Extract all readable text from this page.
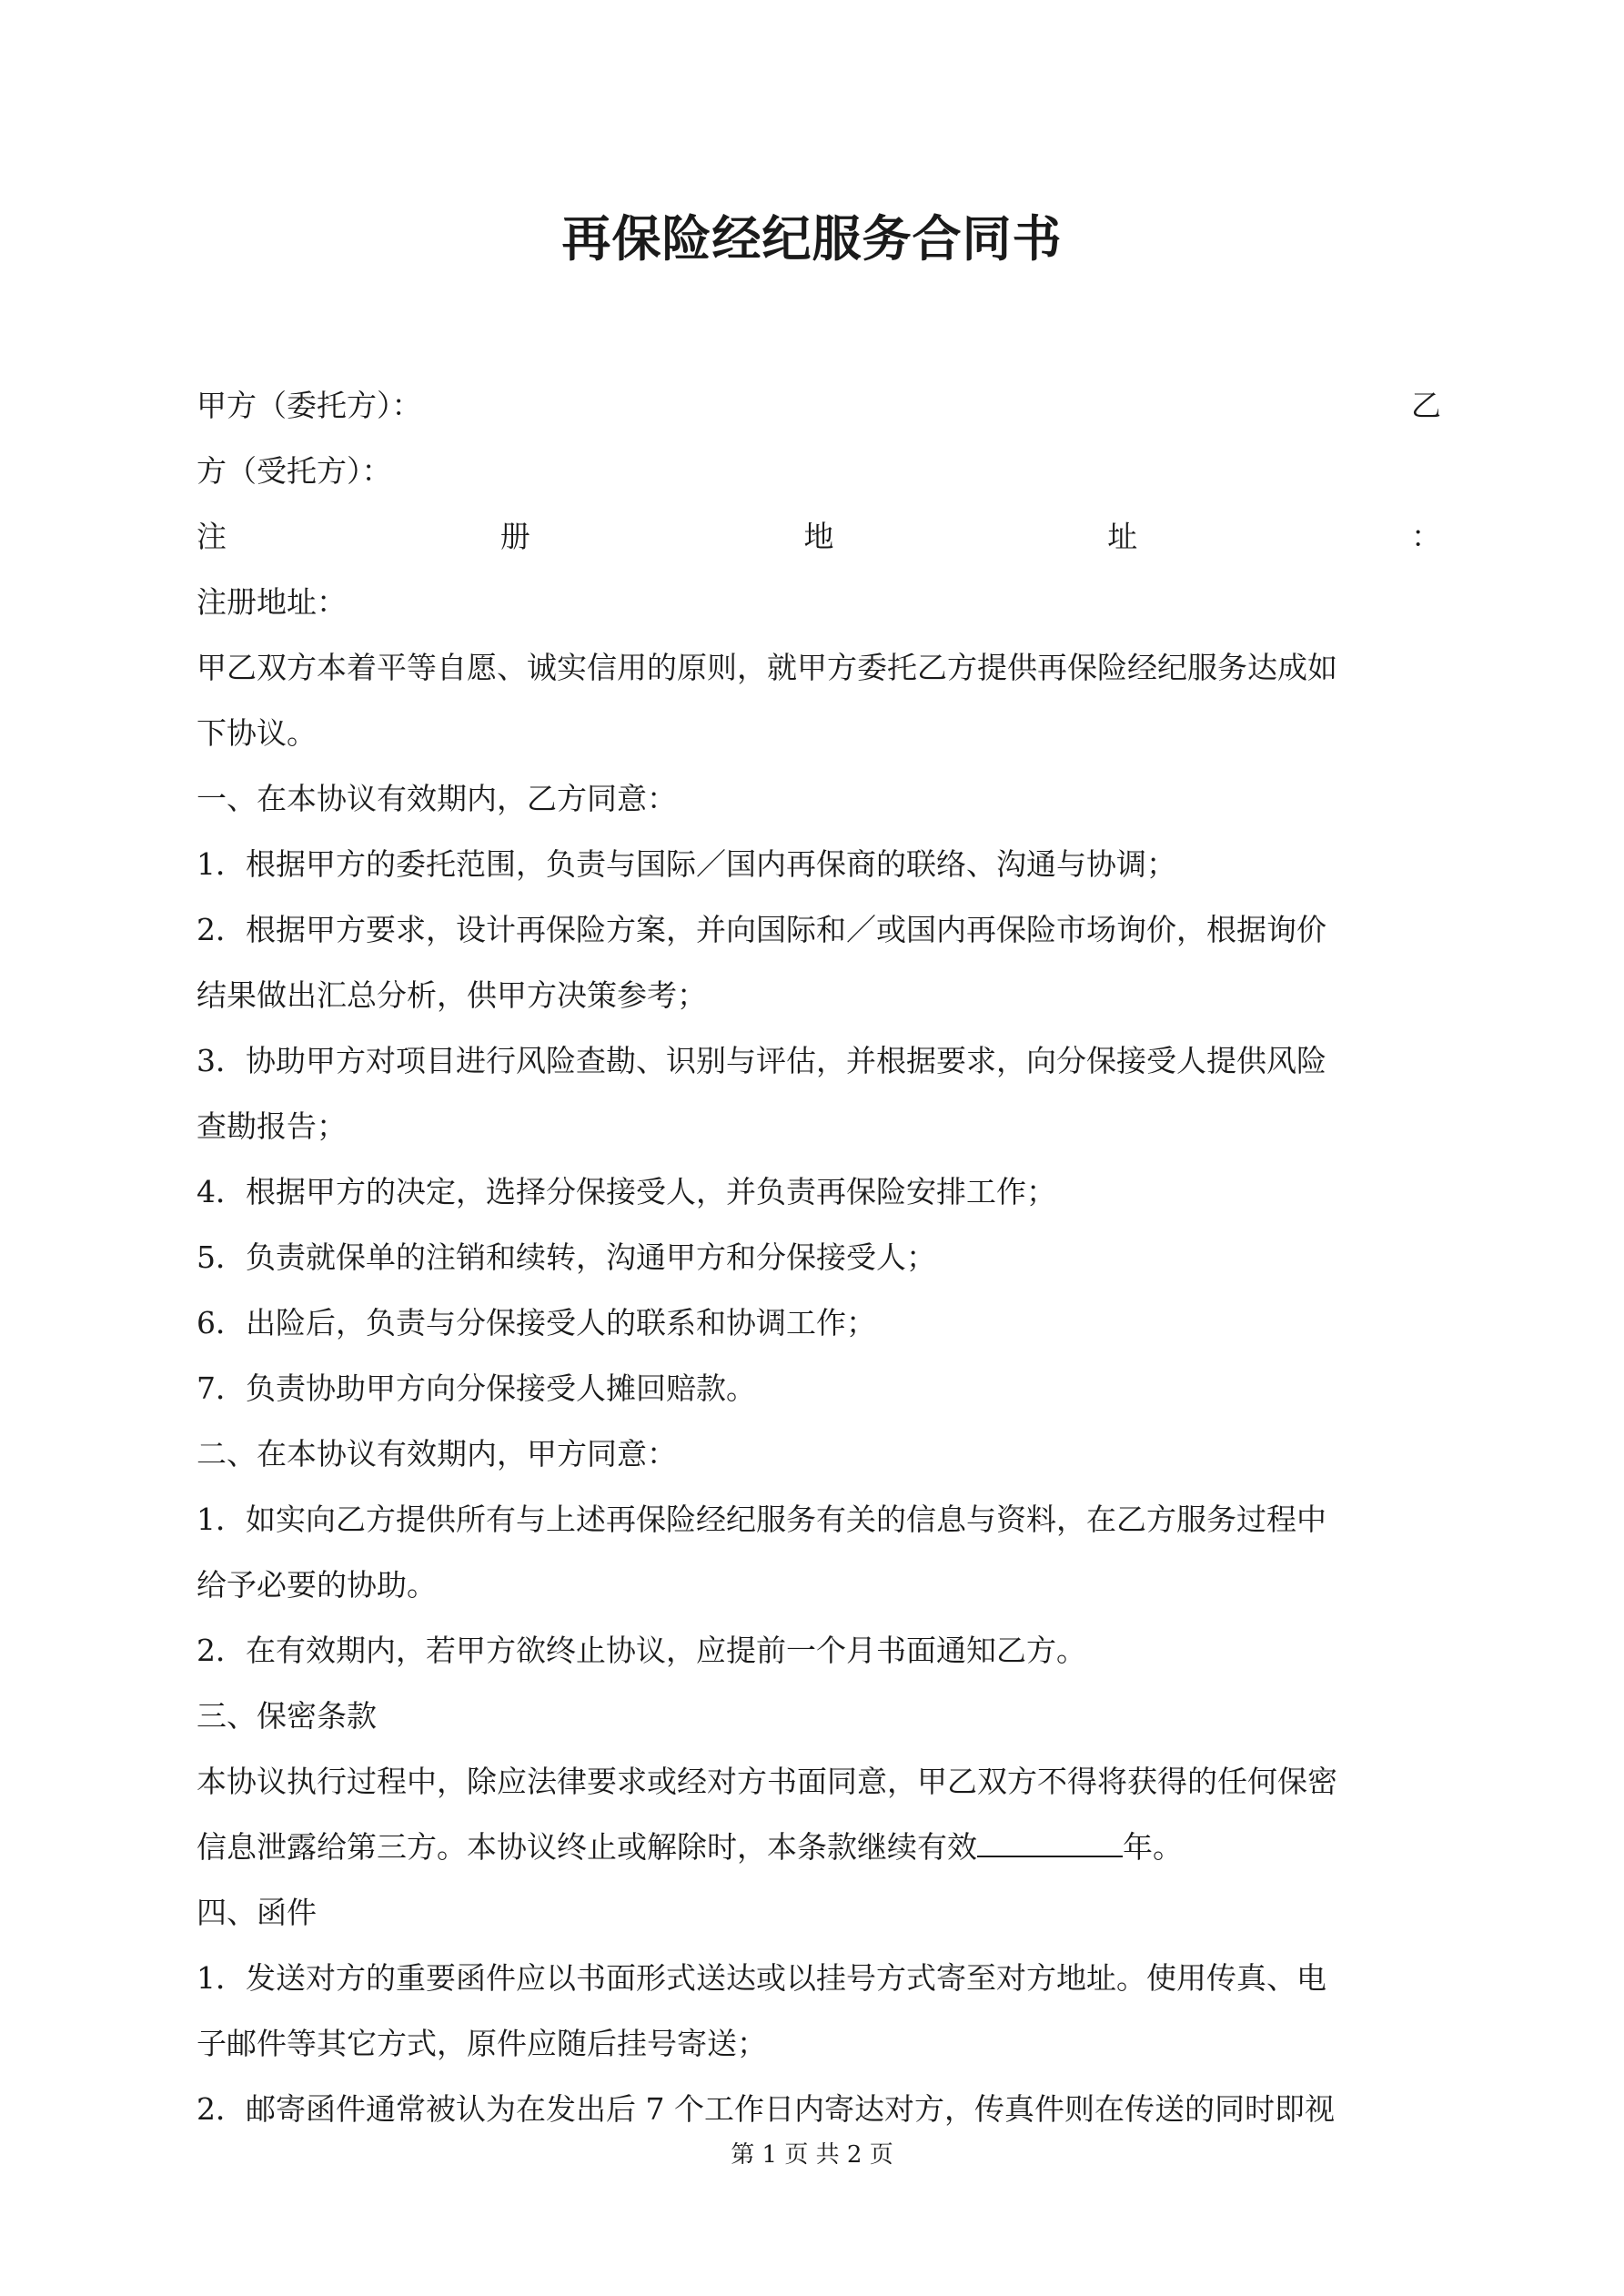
再保险经纪服务合同书
甲方（委托方）：	乙
方（受托方）：
注	册	地	址	：
注册地址：
甲乙双方本着平等自愿、诚实信用的原则，就甲方委托乙方提供再保险经纪服务达成如
下协议。
一、在本协议有效期内，乙方同意：
1．根据甲方的委托范围，负责与国际／国内再保商的联络、沟通与协调；
2．根据甲方要求，设计再保险方案，并向国际和／或国内再保险市场询价，根据询价
结果做出汇总分析，供甲方决策参考；
3．协助甲方对项目进行风险查勘、识别与评估，并根据要求，向分保接受人提供风险
查勘报告；
4．根据甲方的决定，选择分保接受人，并负责再保险安排工作；
5．负责就保单的注销和续转，沟通甲方和分保接受人；
6．出险后，负责与分保接受人的联系和协调工作；
7．负责协助甲方向分保接受人摊回赔款。
二、在本协议有效期内，甲方同意：
1．如实向乙方提供所有与上述再保险经纪服务有关的信息与资料，在乙方服务过程中
给予必要的协助。
2．在有效期内，若甲方欲终止协议，应提前一个月书面通知乙方。
三、保密条款
本协议执行过程中，除应法律要求或经对方书面同意，甲乙双方不得将获得的任何保密
信息泄露给第三方。本协议终止或解除时，本条款继续有效	年。
四、函件
1．发送对方的重要函件应以书面形式送达或以挂号方式寄至对方地址。使用传真、电
子邮件等其它方式，原件应随后挂号寄送；
2．邮寄函件通常被认为在发出后 7 个工作日内寄达对方，传真件则在传送的同时即视
第 1 页 共 2 页
